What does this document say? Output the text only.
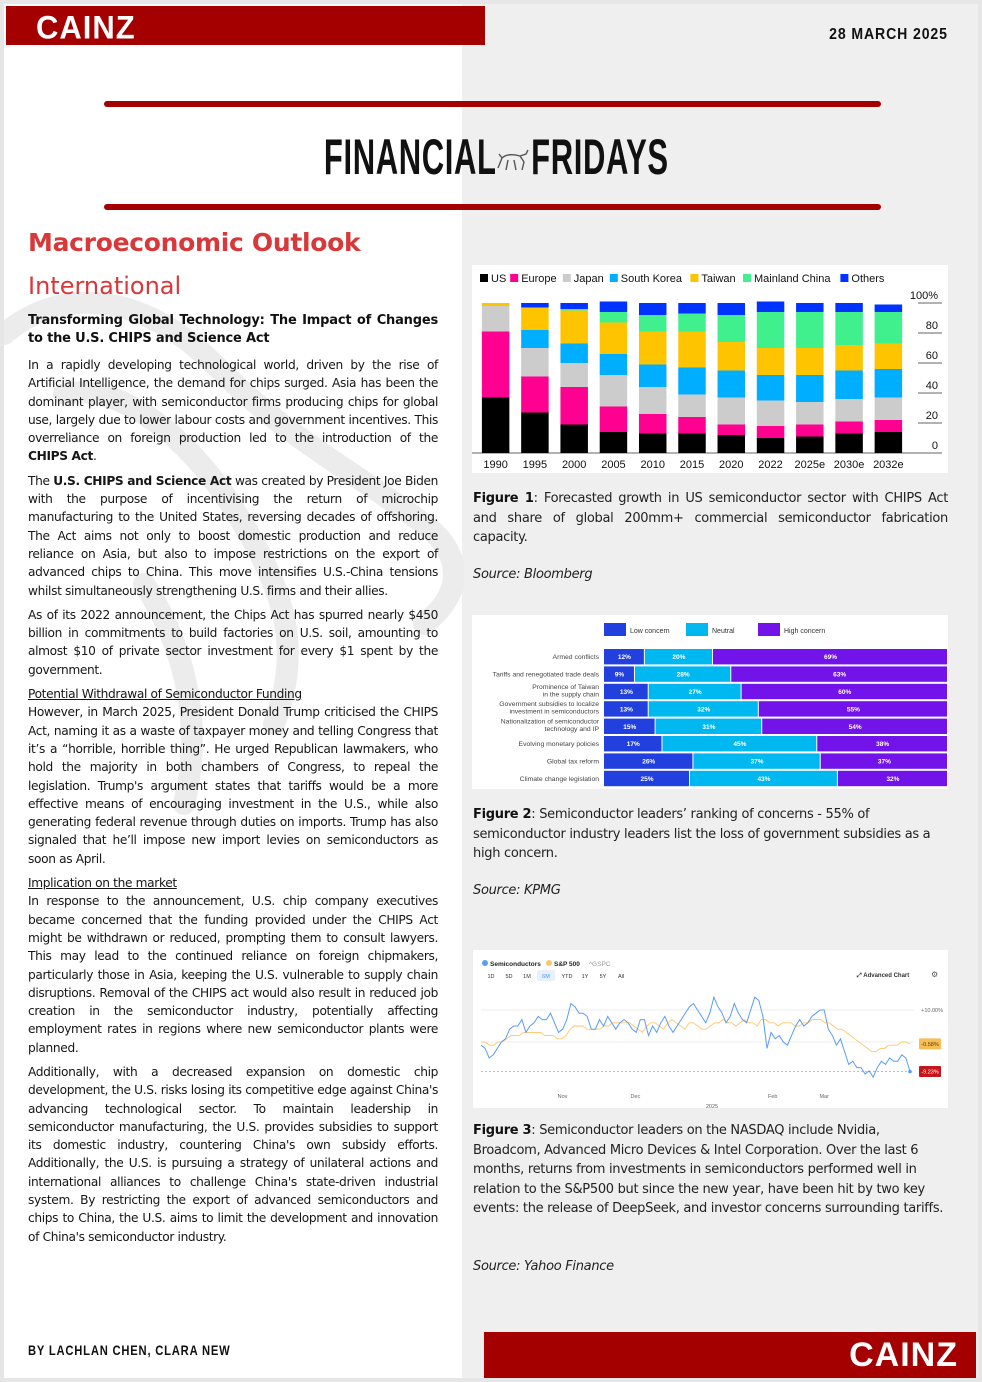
CAINZ	28 MARCH 2025
FINANCIAL FRIDAYS
Macroeconomic Outlook
International
Transforming Global Technology: The Impact of Changes to the U.S. CHIPS and Science Act

In a rapidly developing technological world, driven by the rise of Artificial Intelligence, the demand for chips surged. Asia has been the dominant player, with semiconductor firms producing chips for global use, largely due to lower labour costs and government incentives. This overreliance on foreign production led to the introduction of the CHIPS Act.

The U.S. CHIPS and Science Act was created by President Joe Biden with the purpose of incentivising the return of microchip manufacturing to the United States, reversing decades of offshoring. The Act aims not only to boost domestic production and reduce reliance on Asia, but also to impose restrictions on the export of advanced chips to China. This move intensifies U.S.-China tensions whilst simultaneously strengthening U.S. firms and their allies.

As of its 2022 announcement, the Chips Act has spurred nearly $450 billion in commitments to build factories on U.S. soil, amounting to almost $10 of private sector investment for every $1 spent by the government.

Potential Withdrawal of Semiconductor Funding

However, in March 2025, President Donald Trump criticised the CHIPS Act, naming it as a waste of taxpayer money and telling Congress that it’s a “horrible, horrible thing”. He urged Republican lawmakers, who hold the majority in both chambers of Congress, to repeal the legislation. Trump's argument states that tariffs would be a more effective means of encouraging investment in the U.S., while also generating federal revenue through duties on imports. Trump has also signaled that he’ll impose new import levies on semiconductors as soon as April.

Implication on the market

In response to the announcement, U.S. chip company executives became concerned that the funding provided under the CHIPS Act might be withdrawn or reduced, prompting them to consult lawyers. This may lead to the continued reliance on foreign chipmakers, particularly those in Asia, keeping the U.S. vulnerable to supply chain disruptions. Removal of the CHIPS act would also result in reduced job creation in the semiconductor industry, potentially affecting employment rates in regions where new semiconductor plants were planned.

Additionally, with a decreased expansion on domestic chip development, the U.S. risks losing its competitive edge against China's advancing technological sector. To maintain leadership in semiconductor manufacturing, the U.S. provides subsidies to support its domestic industry, countering China's own subsidy efforts. Additionally, the U.S. is pursuing a strategy of unilateral actions and international alliances to challenge China's state-driven industrial system. By restricting the export of advanced semiconductors and chips to China, the U.S. aims to limit the development and innovation of China's semiconductor industry.

US Europe Japan South Korea Taiwan Mainland China Others
0
20
40
60
80
100%
1990 1995 2000 2005 2010 2015 2020 2022 2025e 2030e 2032e
Figure 1: Forecasted growth in US semiconductor sector with CHIPS Act and share of global 200mm+ commercial semiconductor fabrication capacity.
Source: Bloomberg
Low concern	Neutral	High concern
Armed conflicts	12%	20%	69%
Tariffs and renegotiated trade deals 9%	28%	63%
Prominence of Taiwan
in the supply chain	13%	27%	60%
Government subsidies to localize
investment in semiconductors	13%	32%	55%
Nationalization of semiconductor
technology and IP	15%	31%	54%
Evolving monetary policies	17%	45%	38%
Global tax reform	26%	37%	37%
Climate change legislation	25%	43%	32%
Figure 2: Semiconductor leaders’ ranking of concerns - 55% of semiconductor industry leaders list the loss of government subsidies as a high concern.
Source: KPMG
Semiconductors S&P 500 ^GSPC
1D 5D 1M 6M YTD 1Y 5Y All	⤢ Advanced Chart	⚙
+10.00%
-0.58%
-9.23%
Nov	Dec	Feb	Mar
2025
Figure 3: Semiconductor leaders on the NASDAQ include Nvidia, Broadcom, Advanced Micro Devices & Intel Corporation. Over the last 6 months, returns from investments in semiconductors performed well in relation to the S&P500 but since the new year, have been hit by two key events: the release of DeepSeek, and investor concerns surrounding tariffs.
Source: Yahoo Finance
BY LACHLAN CHEN, CLARA NEW	CAINZ
